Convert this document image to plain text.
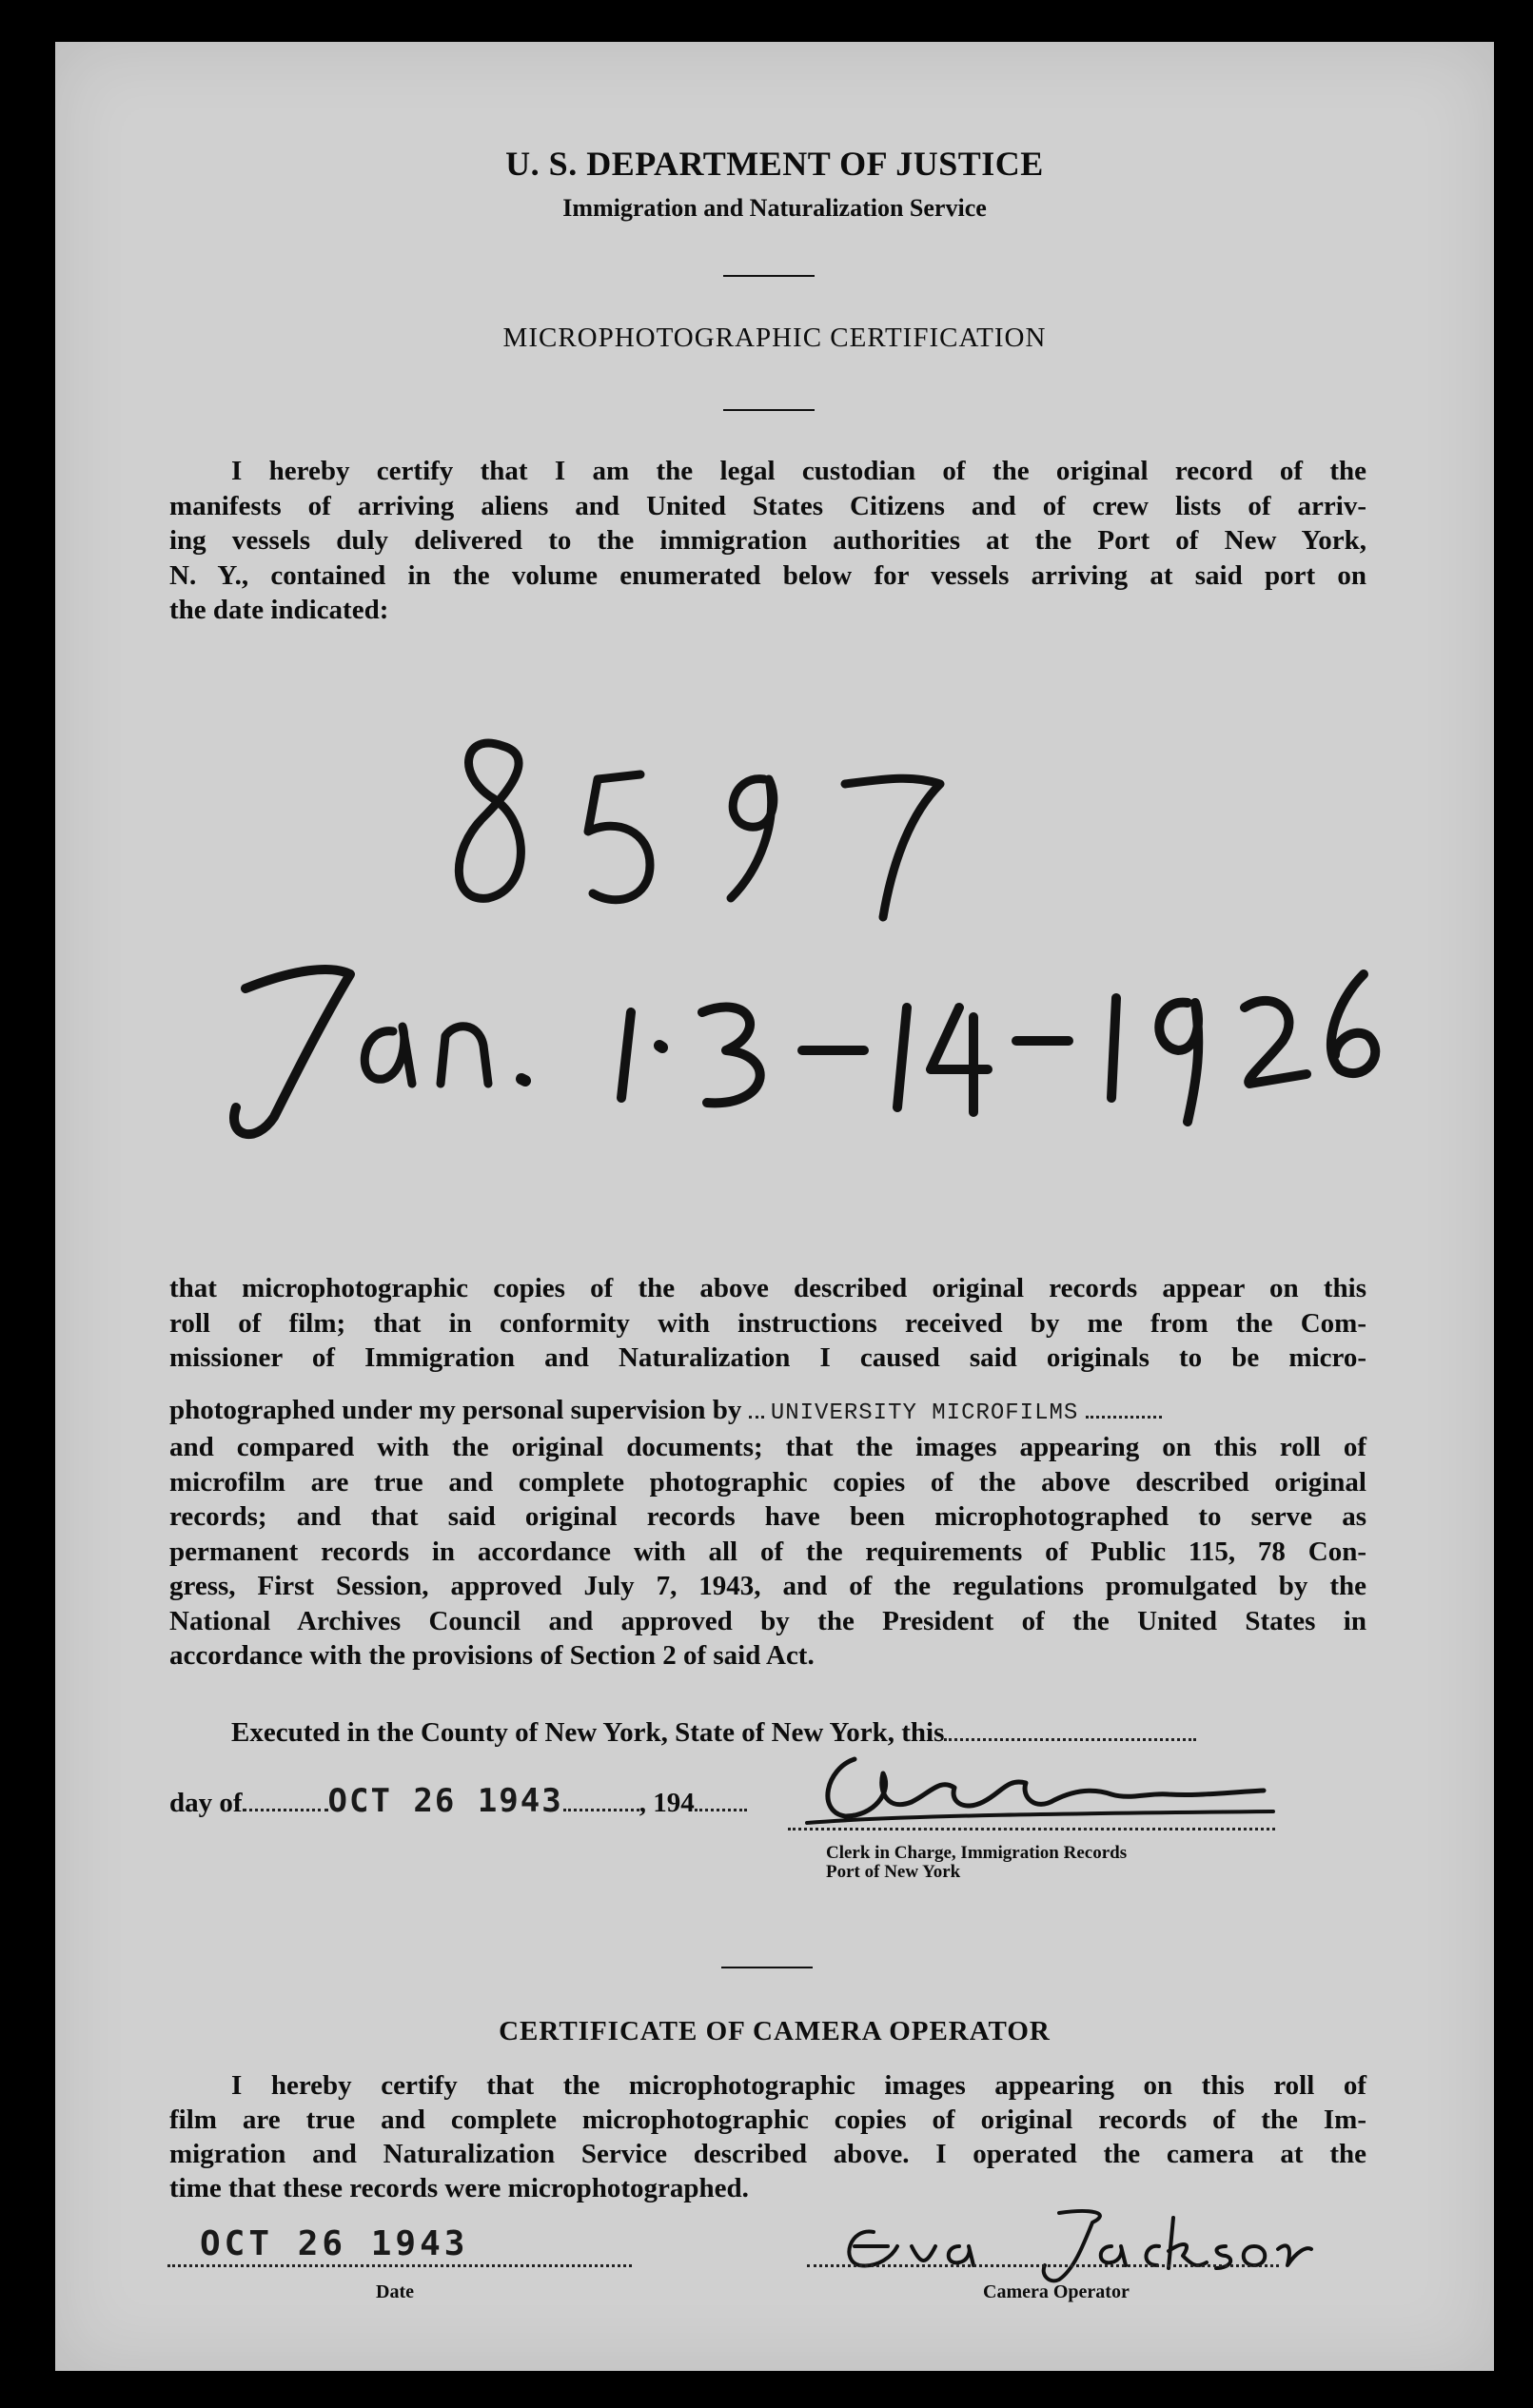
U. S. DEPARTMENT OF JUSTICE
Immigration and Naturalization Service
MICROPHOTOGRAPHIC CERTIFICATION

I hereby certify that I am the legal custodian of the original record of the

manifests of arriving aliens and United States Citizens and of crew lists of arriv-

ing vessels duly delivered to the immigration authorities at the Port of New York,

N. Y., contained in the volume enumerated below for vessels arriving at said port on

the date indicated:

that microphotographic copies of the above described original records appear on this

roll of film; that in conformity with instructions received by me from the Com-

missioner of Immigration and Naturalization I caused said originals to be micro-

photographed under my personal supervision by UNIVERSITY MICROFILMS

and compared with the original documents; that the images appearing on this roll of

microfilm are true and complete photographic copies of the above described original

records; and that said original records have been microphotographed to serve as

permanent records in accordance with all of the requirements of Public 115, 78 Con-

gress, First Session, approved July 7, 1943, and of the regulations promulgated by the

National Archives Council and approved by the President of the United States in

accordance with the provisions of Section 2 of said Act.

Executed in the County of New York, State of New York, this
day of	OCT 26 1943	, 194
Clerk in Charge, Immigration Records
Port of New York
CERTIFICATE OF CAMERA OPERATOR

I hereby certify that the microphotographic images appearing on this roll of

film are true and complete microphotographic copies of original records of the Im-

migration and Naturalization Service described above. I operated the camera at the

time that these records were microphotographed.

OCT 26 1943
Date	Camera Operator
